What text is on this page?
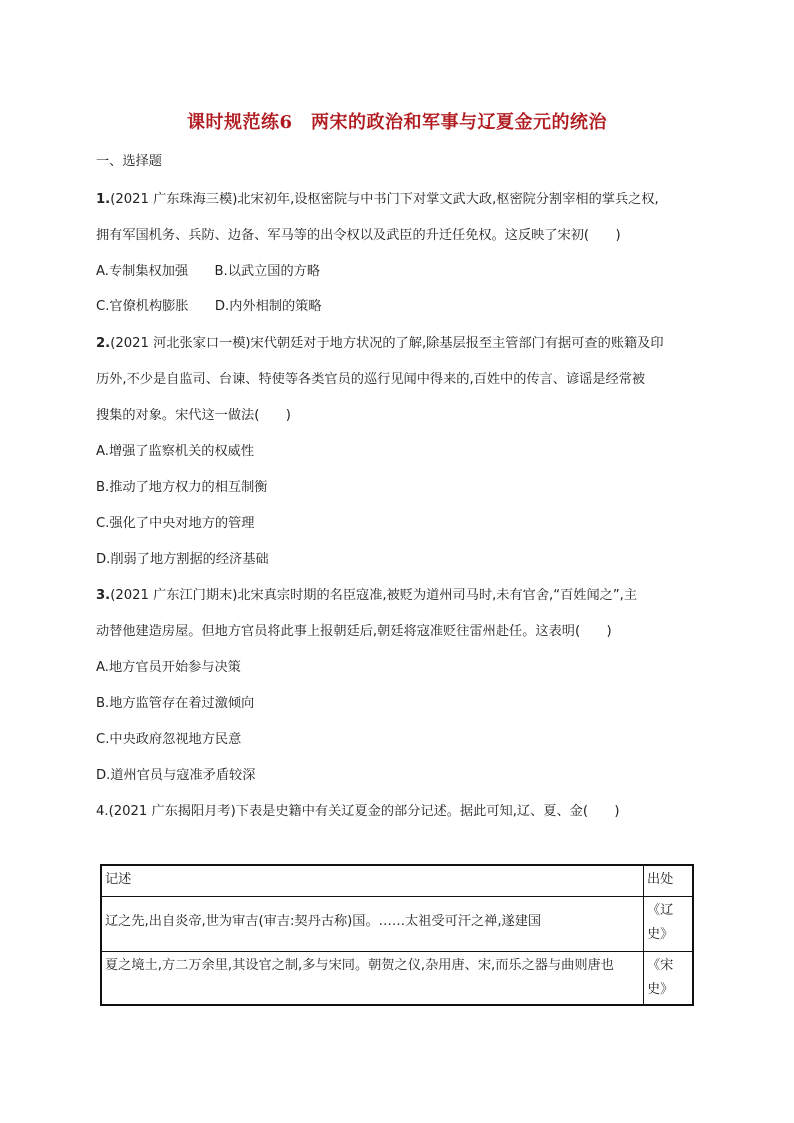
课时规范练6　两宋的政治和军事与辽夏金元的统治
一、选择题
1.(2021 广东珠海三模)北宋初年,设枢密院与中书门下对掌文武大政,枢密院分割宰相的掌兵之权,
拥有军国机务、兵防、边备、军马等的出令权以及武臣的升迁任免权。这反映了宋初(　　)
A.专制集权加强　　B.以武立国的方略
C.官僚机构膨胀　　D.内外相制的策略
2.(2021 河北张家口一模)宋代朝廷对于地方状况的了解,除基层报至主管部门有据可查的账籍及印
历外,不少是自监司、台谏、特使等各类官员的巡行见闻中得来的,百姓中的传言、谚谣是经常被
搜集的对象。宋代这一做法(　　)
A.增强了监察机关的权威性
B.推动了地方权力的相互制衡
C.强化了中央对地方的管理
D.削弱了地方割据的经济基础
3.(2021 广东江门期末)北宋真宗时期的名臣寇准,被贬为道州司马时,未有官舍,“百姓闻之”,主
动替他建造房屋。但地方官员将此事上报朝廷后,朝廷将寇准贬往雷州赴任。这表明(　　)
A.地方官员开始参与决策
B.地方监管存在着过激倾向
C.中央政府忽视地方民意
D.道州官员与寇准矛盾较深
4.(2021 广东揭阳月考)下表是史籍中有关辽夏金的部分记述。据此可知,辽、夏、金(　　)
记述	出处
辽之先,出自炎帝,世为审吉(审吉:契丹古称)国。……太祖受可汗之禅,遂建国	《辽史》
夏之境土,方二万余里,其设官之制,多与宋同。朝贺之仪,杂用唐、宋,而乐之器与曲则唐也	《宋史》
